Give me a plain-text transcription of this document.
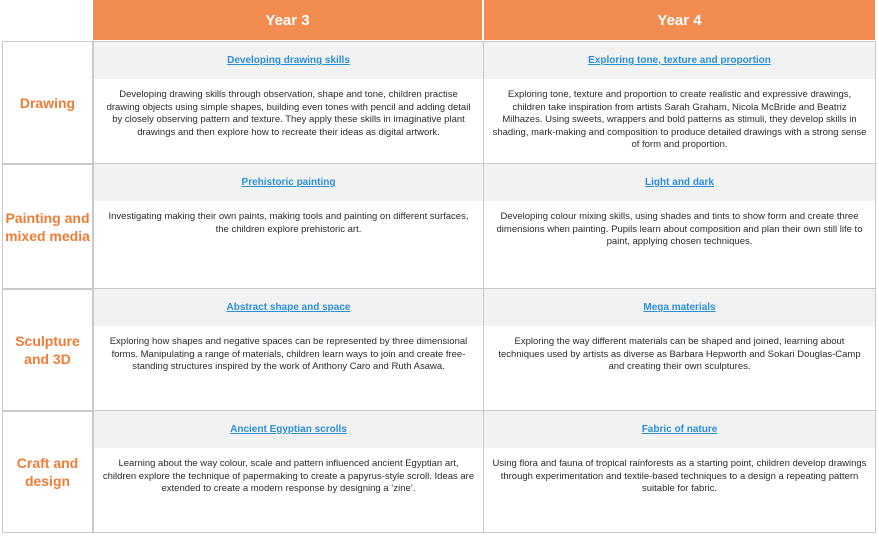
Year 3	Year 4
Drawing
Developing drawing skills
Developing drawing skills through observation, shape and tone, children practise drawing objects using simple shapes, building even tones with pencil and adding detail by closely observing pattern and texture. They apply these skills in imaginative plant drawings and then explore how to recreate their ideas as digital artwork.
Exploring tone, texture and proportion
Exploring tone, texture and proportion to create realistic and expressive drawings, children take inspiration from artists Sarah Graham, Nicola McBride and Beatriz Milhazes. Using sweets, wrappers and bold patterns as stimuli, they develop skills in shading, mark-making and composition to produce detailed drawings with a strong sense of form and proportion.
Painting and mixed media
Prehistoric painting
Investigating making their own paints, making tools and painting on different surfaces, the children explore prehistoric art.
Light and dark
Developing colour mixing skills, using shades and tints to show form and create three dimensions when painting. Pupils learn about composition and plan their own still life to paint, applying chosen techniques.
Sculpture and 3D
Abstract shape and space
Exploring how shapes and negative spaces can be represented by three dimensional forms. Manipulating a range of materials, children learn ways to join and create free-standing structures inspired by the work of Anthony Caro and Ruth Asawa.
Mega materials
Exploring the way different materials can be shaped and joined, learning about techniques used by artists as diverse as Barbara Hepworth and Sokari Douglas-Camp and creating their own sculptures.
Craft and design
Ancient Egyptian scrolls
Learning about the way colour, scale and pattern influenced ancient Egyptian art, children explore the technique of papermaking to create a papyrus-style scroll. Ideas are extended to create a modern response by designing a ‘zine’.
Fabric of nature
Using flora and fauna of tropical rainforests as a starting point, children develop drawings through experimentation and textile-based techniques to a design a repeating pattern suitable for fabric.
